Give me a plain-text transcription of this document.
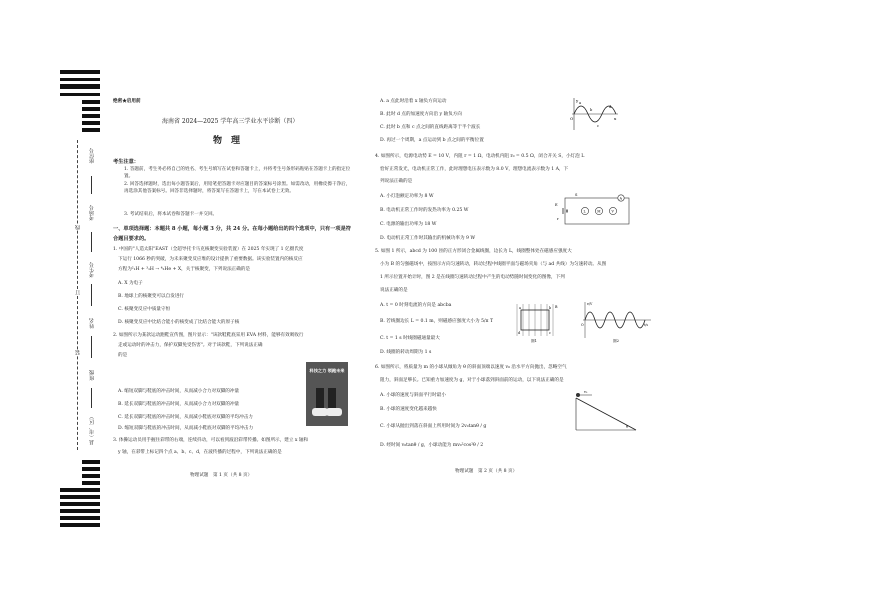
座位号
考场号
考生号
姓名
班级
县（市、区）
线
订
装
绝密★启用前
海南省 2024—2025 学年高三学业水平诊断（四）
物　理
考生注意：
1. 答题前，考生务必将自己的姓名、考生号填写在试卷和答题卡上，并将考生号条形码粘贴在答题卡上的指定位置。
2. 回答选择题时，选出每小题答案后，用铅笔把答题卡对应题目的答案标号涂黑。如需改动，用橡皮擦干净后，再选涂其他答案标号。回答非选择题时，将答案写在答题卡上，写在本试卷上无效。
3. 考试结束后，将本试卷和答题卡一并交回。
一、单项选择题：本题共 8 小题，每小题 3 分，共 24 分。在每小题给出的四个选项中，只有一项是符合题目要求的。
1. 中国的"人造太阳"EAST（全超导托卡马克核聚变实验装置）在 2025 年实现了 1 亿摄氏度
下运行 1066 秒的突破，为未来聚变反应堆的设计提供了重要数据。该实验装置内的核反应
方程为²₁H + ³₁H → ⁴₂He + X，关于核聚变，下列说法正确的是
A. X 为电子
B. 地球上的核聚变可以自发进行
C. 核聚变反应中质量守恒
D. 核聚变反应中比结合能小的核变成了比结合能大的原子核
2. 如图所示为某款运动跑鞋宣传图，图片显示："该款鞋鞋底采用 EVA 材料，能够有效吸收行
走或运动时的冲击力，保护双脚免受伤害"。对于该款鞋，下列说法正确
的是
科技之力 领跑未来
A. 缩短双脚与鞋底的冲击时间，从而减小合力对双脚的冲量
B. 延长双脚与鞋底的冲击时间，从而减小合力对双脚的冲量
C. 延长双脚与鞋底的冲击时间，从而减小鞋底对双脚的平均冲击力
D. 缩短双脚与鞋底的冲击时间，从而减小鞋底对双脚的平均冲击力
3. 体操运动员用手握住彩带的右端，连续抖动，可以看到波沿彩带传播。如图所示，建立 x 轴和
y 轴，在彩带上标记四个点 a、b、c、d，在波传播的过程中，下列说法正确的是
物理试题　第 1 页（共 8 页）
A. a 点此时沿着 x 轴负方向运动
B. 此时 d 点的加速度方向沿 y 轴负方向
C. 此时 b 点和 c 点之间的直线距离等于半个波长
D. 再过一个周期，a 点运动到 b 点之间的平衡位置
y
x
O
a
b
c
d
4. 如图所示，电源电动势 E = 10 V，内阻 r = 1 Ω，电动机内阻 r₀ = 0.5 Ω，闭合开关 S，小灯泡 L
恰好正常发光，电动机正常工作，此时理想电压表示数为 8.0 V，理想电流表示数为 1 A，下
列说法正确的是
A. 小灯泡额定功率为 8 W
B. 电动机正常工作时的发热功率为 0.25 W
C. 电源的输出功率为 18 W
D. 电动机正常工作时其输出的机械功率为 9 W
E
r
S
L	M	V
A
5. 如图 1 所示，abcd 为 100 匝的正方形闭合金属线圈，边长为 L，线圈整体处在磁感应强度大
小为 B 的匀强磁场中，按图示方向匀速转动，转动过程中线圈平面与磁场夹角（与 ad 共线）为匀速转动。从图
1 所示位置开始计时，图 2 是在线圈匀速转动过程中产生的电动势随时间变化的图像，下列
说法正确的是
A. t = 0 时刻电流的方向是 abcba
B. 若线圈边长 L = 0.1 m，则磁感应强度大小为 5/π T
C. t = 1 s 时线圈磁通量最大
D. 线圈的转动周期为 1 s
a	b
c
d
B
图1
e/V
t/s
O
图2
6. 如图所示，将质量为 m 的小球从倾角为 θ 的斜面顶端以速度 v₀ 沿水平方向抛出，忽略空气
阻力，斜面足够长。已知重力加速度为 g，对于小球落到斜面前的运动，以下说法正确的是
A. 小球的速度与斜面平行时最小
B. 小球的速度变化越来越快
C. 小球从抛出到落在斜面上所用时间为 2v₀tanθ / g
D. 经时间 v₀tanθ / g，小球动能为 mv₀²cos²θ / 2
v₀
θ
物理试题　第 2 页（共 8 页）
